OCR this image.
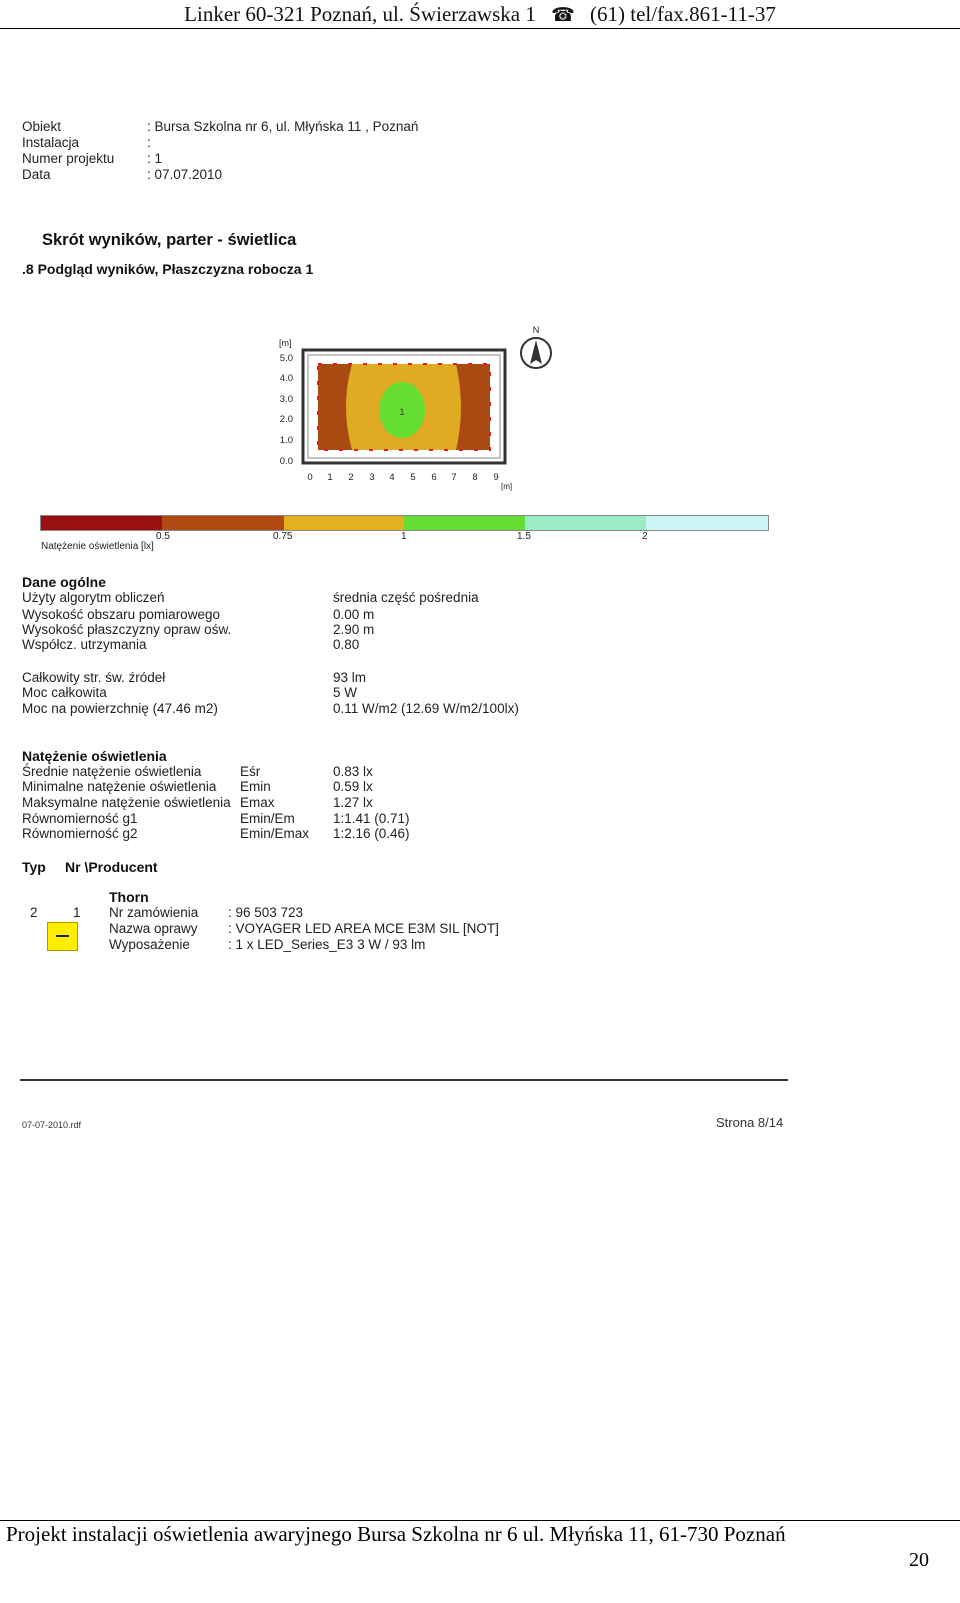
Linker 60-321 Poznań, ul. Świerzawska 1 ☎ (61) tel/fax.861-11-37
Obiekt	: Bursa Szkolna nr 6, ul. Młyńska 11 , Poznań
Instalacja	:
Numer projektu : 1
Data	: 07.07.2010
Skrót wyników, parter - świetlica
.8 Podgląd wyników, Płaszczyzna robocza 1
[m]
5.0
4.0
3.0
2.0
1.0
0.0
1
0 1 2 3 4 5 6 7 8 9
[m]
N
0.5	0.75	1	1.5	2
Natężenie oświetlenia [lx]
Dane ogólne
Użyty algorytm obliczeń	średnia część pośrednia
Wysokość obszaru pomiarowego	0.00 m
Wysokość płaszczyzny opraw ośw.	2.90 m
Współcz. utrzymania	0.80
Całkowity str. św. źródeł	93 lm
Moc całkowita	5 W
Moc na powierzchnię (47.46 m2)	0.11 W/m2 (12.69 W/m2/100lx)
Natężenie oświetlenia
Średnie natężenie oświetlenia	Eśr	0.83 lx
Minimalne natężenie oświetlenia Emin	0.59 lx
Maksymalne natężenie oświetlenia Emax	1.27 lx
Równomierność g1	Emin/Em	1:1.41 (0.71)
Równomierność g2	Emin/Emax 1:2.16 (0.46)
Typ Nr \Producent
Thorn
2	1 Nr zamówienia : 96 503 723
Nazwa oprawy : VOYAGER LED AREA MCE E3M SIL [NOT]
Wyposażenie	: 1 x LED_Series_E3 3 W / 93 lm
07-07-2010.rdf	Strona 8/14
Projekt instalacji oświetlenia awaryjnego Bursa Szkolna nr 6 ul. Młyńska 11, 61-730 Poznań
20
